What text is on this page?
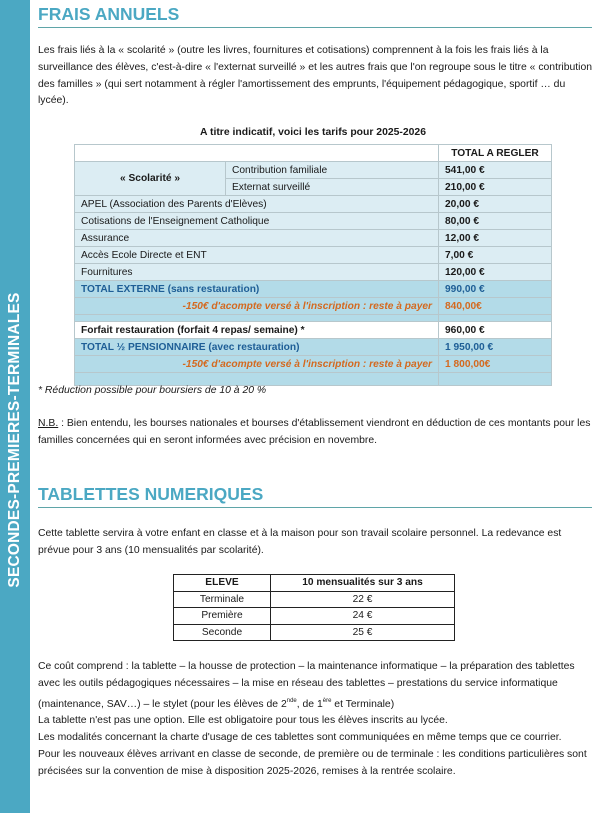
SECONDES-PREMIERES-TERMINALES
FRAIS ANNUELS

Les frais liés à la « scolarité » (outre les livres, fournitures et cotisations) comprennent à la fois les frais liés à la surveillance des élèves, c'est-à-dire « l'externat surveillé » et les autres frais que l'on regroupe sous le titre « contribution des familles » (qui sert notamment à régler l'amortissement des emprunts, l'équipement pédagogique, sportif … du lycée).

A titre indicatif, voici les tarifs pour 2025-2026
		TOTAL A REGLER
« Scolarité »	Contribution familiale	541,00 €
	Externat surveillé	210,00 €
APEL (Association des Parents d'Elèves)		20,00 €
Cotisations de l'Enseignement Catholique		80,00 €
Assurance		12,00 €
Accès Ecole Directe et ENT		7,00 €
Fournitures		120,00 €
TOTAL EXTERNE (sans restauration)		990,00 €
-150€ d'acompte versé à l'inscription : reste à payer		840,00€

Forfait restauration (forfait 4 repas/ semaine) *		960,00 €
TOTAL ½ PENSIONNAIRE (avec restauration)		1 950,00 €
-150€ d'acompte versé à l'inscription : reste à payer		1 800,00€

* Réduction possible pour boursiers de 10 à 20 %

N.B. : Bien entendu, les bourses nationales et bourses d'établissement viendront en déduction de ces montants pour les familles concernées qui en seront informées avec précision en novembre.

TABLETTES NUMERIQUES

Cette tablette servira à votre enfant en classe et à la maison pour son travail scolaire personnel. La redevance est prévue pour 3 ans (10 mensualités par scolarité).

ELEVE	10 mensualités sur 3 ans
Terminale	22 €
Première	24 €
Seconde	25 €

Ce coût comprend : la tablette – la housse de protection – la maintenance informatique – la préparation des tablettes avec les outils pédagogiques nécessaires – la mise en réseau des tablettes – prestations du service informatique (maintenance, SAV…) – le stylet (pour les élèves de 2nde, de 1ère et Terminale)

La tablette n'est pas une option. Elle est obligatoire pour tous les élèves inscrits au lycée.

Les modalités concernant la charte d'usage de ces tablettes sont communiquées en même temps que ce courrier.

Pour les nouveaux élèves arrivant en classe de seconde, de première ou de terminale : les conditions particulières sont précisées sur la convention de mise à disposition 2025-2026, remises à la rentrée scolaire.
